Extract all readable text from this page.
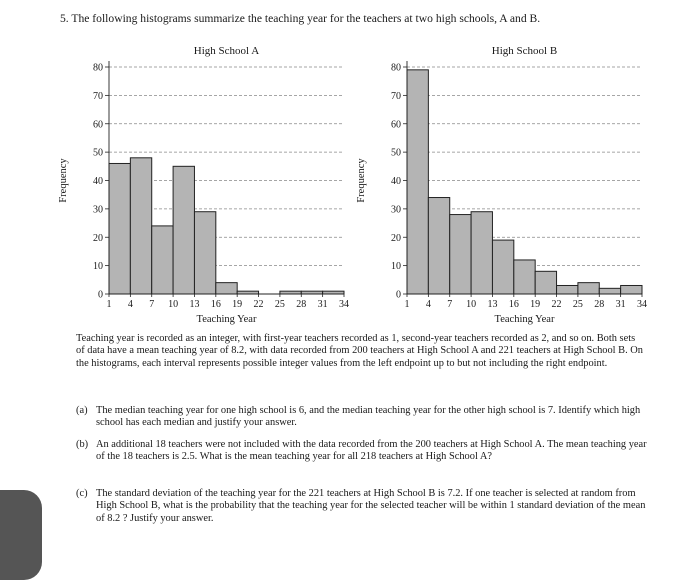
5. The following histograms summarize the teaching year for the teachers at two high schools, A and B.
High School A
0
10
20
30
40
50
60
70
80
1 4 7 10 13 16 19 22 25 28 31 34
Teaching Year
Frequency
High School B
0
10
20
30
40
50
60
70
80
1 4 7 10 13 16 19 22 25 28 31 34
Teaching Year
Frequency
Teaching year is recorded as an integer, with first-year teachers recorded as 1, second-year teachers recorded as 2, and so on. Both sets of data have a mean teaching year of 8.2, with data recorded from 200 teachers at High School A and 221 teachers at High School B. On the histograms, each interval represents possible integer values from the left endpoint up to but not including the right endpoint.
(a) The median teaching year for one high school is 6, and the median teaching year for the other high school is 7. Identify which high school has each median and justify your answer.
(b) An additional 18 teachers were not included with the data recorded from the 200 teachers at High School A. The mean teaching year of the 18 teachers is 2.5. What is the mean teaching year for all 218 teachers at High School A?
(c) The standard deviation of the teaching year for the 221 teachers at High School B is 7.2. If one teacher is selected at random from High School B, what is the probability that the teaching year for the selected teacher will be within 1 standard deviation of the mean of 8.2 ? Justify your answer.
